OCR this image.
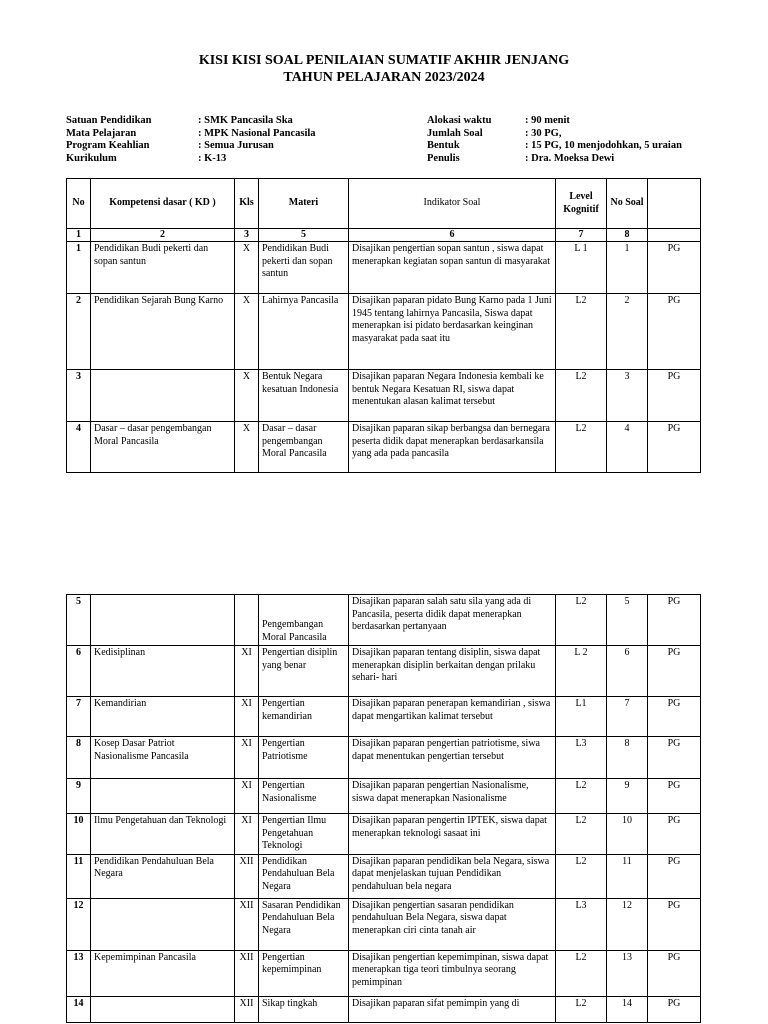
KISI KISI SOAL PENILAIAN SUMATIF AKHIR JENJANG
TAHUN PELAJARAN 2023/2024
Satuan Pendidikan	: SMK Pancasila Ska
Mata Pelajaran	: MPK Nasional Pancasila
Program Keahlian	: Semua Jurusan
Kurikulum	: K-13
Alokasi waktu	: 90 menit
Jumlah Soal	: 30 PG,
Bentuk	: 15 PG, 10 menjodohkan, 5 uraian
Penulis	: Dra. Moeksa Dewi
No	Kompetensi dasar ( KD )	Kls	Materi	Indikator Soal	Level Kognitif	No Soal	
1	2	3	5	6	7	8	
1	Pendidikan Budi pekerti dan sopan santun	X	Pendidikan Budi pekerti dan sopan santun	Disajikan pengertian sopan santun , siswa dapat menerapkan kegiatan sopan santun di masyarakat	L 1	1	PG
2	Pendidikan Sejarah Bung Karno	X	Lahirnya Pancasila	Disajikan paparan pidato Bung Karno pada 1 Juni 1945 tentang lahirnya Pancasila, Siswa dapat menerapkan isi pidato berdasarkan keinginan masyarakat pada saat itu	L2	2	PG
3		X	Bentuk Negara kesatuan Indonesia	Disajikan paparan Negara Indonesia kembali ke bentuk Negara Kesatuan RI, siswa dapat menentukan alasan kalimat tersebut	L2	3	PG
4	Dasar – dasar pengembangan Moral Pancasila	X	Dasar – dasar pengembangan Moral Pancasila	Disajikan paparan sikap berbangsa dan bernegara peserta didik dapat menerapkan berdasarkansila yang ada pada pancasila	L2	4	PG
5			Pengembangan Moral Pancasila	Disajikan paparan salah satu sila yang ada di Pancasila, peserta didik dapat menerapkan berdasarkan pertanyaan	L2	5	PG
6	Kedisiplinan	XI	Pengertian disiplin yang benar	Disajikan paparan tentang disiplin, siswa dapat menerapkan disiplin berkaitan dengan prilaku sehari- hari	L 2	6	PG
7	Kemandirian	XI	Pengertian kemandirian	Disajikan paparan penerapan kemandirian , siswa dapat mengartikan kalimat tersebut	L1	7	PG
8	Kosep Dasar Patriot Nasionalisme Pancasila	XI	Pengertian Patriotisme	Disajikan paparan pengertian patriotisme, siwa dapat menentukan pengertian tersebut	L3	8	PG
9		XI	Pengertian Nasionalisme	Disajikan paparan pengertian Nasionalisme, siswa dapat menerapkan Nasionalisme	L2	9	PG
10	Ilmu Pengetahuan dan Teknologi	XI	Pengertian Ilmu Pengetahuan Teknologi	Disajikan paparan pengertin IPTEK, siswa dapat menerapkan teknologi sasaat ini	L2	10	PG
11	Pendidikan Pendahuluan Bela Negara	XII	Pendidikan Pendahuluan Bela Negara	Disajikan paparan pendidikan bela Negara, siswa dapat menjelaskan tujuan Pendidikan pendahuluan bela negara	L2	11	PG
12		XII	Sasaran Pendidikan Pendahuluan Bela Negara	Disajikan pengertian sasaran pendidikan pendahuluan Bela Negara, siswa dapat menerapkan ciri cinta tanah air	L3	12	PG
13	Kepemimpinan Pancasila	XII	Pengertian kepemimpinan	Disajikan pengertian kepemimpinan, siswa dapat menerapkan tiga teori timbulnya seorang pemimpinan	L2	13	PG
14		XII	Sikap tingkah	Disajikan paparan sifat pemimpin yang di	L2	14	PG
